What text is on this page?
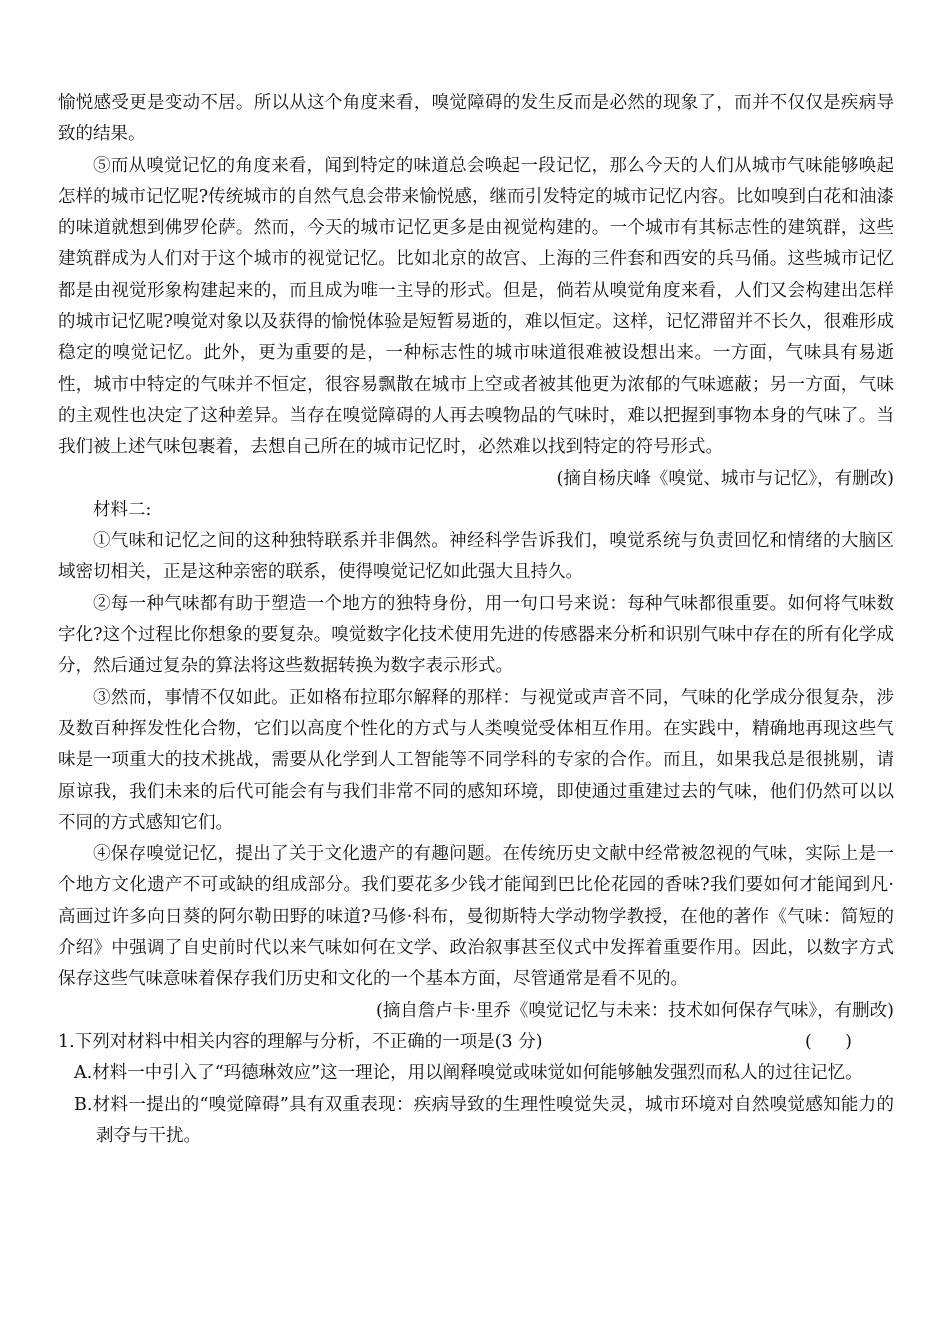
愉悦感受更是变动不居。所以从这个角度来看，嗅觉障碍的发生反而是必然的现象了，而并不仅仅是疾病导致的结果。

⑤而从嗅觉记忆的角度来看，闻到特定的味道总会唤起一段记忆，那么今天的人们从城市气味能够唤起怎样的城市记忆呢?传统城市的自然气息会带来愉悦感，继而引发特定的城市记忆内容。比如嗅到白花和油漆的味道就想到佛罗伦萨。然而，今天的城市记忆更多是由视觉构建的。一个城市有其标志性的建筑群，这些建筑群成为人们对于这个城市的视觉记忆。比如北京的故宫、上海的三件套和西安的兵马俑。这些城市记忆都是由视觉形象构建起来的，而且成为唯一主导的形式。但是，倘若从嗅觉角度来看，人们又会构建出怎样的城市记忆呢?嗅觉对象以及获得的愉悦体验是短暂易逝的，难以恒定。这样，记忆滞留并不长久，很难形成稳定的嗅觉记忆。此外，更为重要的是，一种标志性的城市味道很难被设想出来。一方面，气味具有易逝性，城市中特定的气味并不恒定，很容易飘散在城市上空或者被其他更为浓郁的气味遮蔽；另一方面，气味的主观性也决定了这种差异。当存在嗅觉障碍的人再去嗅物品的气味时，难以把握到事物本身的气味了。当我们被上述气味包裹着，去想自己所在的城市记忆时，必然难以找到特定的符号形式。

(摘自杨庆峰《嗅觉、城市与记忆》，有删改)

材料二:

①气味和记忆之间的这种独特联系并非偶然。神经科学告诉我们，嗅觉系统与负责回忆和情绪的大脑区域密切相关，正是这种亲密的联系，使得嗅觉记忆如此强大且持久。

②每一种气味都有助于塑造一个地方的独特身份，用一句口号来说：每种气味都很重要。如何将气味数字化?这个过程比你想象的要复杂。嗅觉数字化技术使用先进的传感器来分析和识别气味中存在的所有化学成分，然后通过复杂的算法将这些数据转换为数字表示形式。

③然而，事情不仅如此。正如格布拉耶尔解释的那样：与视觉或声音不同，气味的化学成分很复杂，涉及数百种挥发性化合物，它们以高度个性化的方式与人类嗅觉受体相互作用。在实践中，精确地再现这些气味是一项重大的技术挑战，需要从化学到人工智能等不同学科的专家的合作。而且，如果我总是很挑剔，请原谅我，我们未来的后代可能会有与我们非常不同的感知环境，即使通过重建过去的气味，他们仍然可以以不同的方式感知它们。

④保存嗅觉记忆，提出了关于文化遗产的有趣问题。在传统历史文献中经常被忽视的气味，实际上是一个地方文化遗产不可或缺的组成部分。我们要花多少钱才能闻到巴比伦花园的香味?我们要如何才能闻到凡·高画过许多向日葵的阿尔勒田野的味道?马修·科布，曼彻斯特大学动物学教授，在他的著作《气味：简短的介绍》中强调了自史前时代以来气味如何在文学、政治叙事甚至仪式中发挥着重要作用。因此，以数字方式保存这些气味意味着保存我们历史和文化的一个基本方面，尽管通常是看不见的。

(摘自詹卢卡·里乔《嗅觉记忆与未来：技术如何保存气味》，有删改)

1.下列对材料中相关内容的理解与分析，不正确的一项是(3 分)	(      )

A.材料一中引入了“玛德琳效应”这一理论，用以阐释嗅觉或味觉如何能够触发强烈而私人的过往记忆。

B.材料一提出的“嗅觉障碍”具有双重表现：疾病导致的生理性嗅觉失灵，城市环境对自然嗅觉感知能力的剥夺与干扰。
